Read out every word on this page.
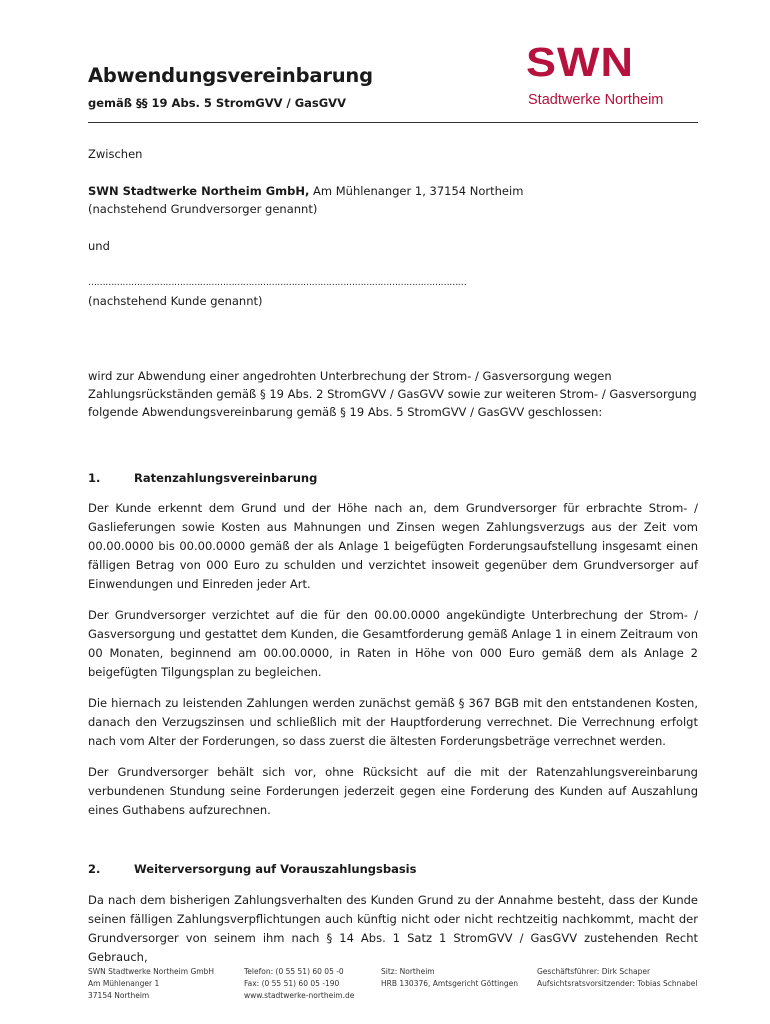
Abwendungsvereinbarung
gemäß §§ 19 Abs. 5 StromGVV / GasGVV
SWN
Stadtwerke Northeim
Zwischen
SWN Stadtwerke Northeim GmbH, Am Mühlenanger 1, 37154 Northeim
(nachstehend Grundversorger genannt)
und
……………………………………………………………………………………………………………………
(nachstehend Kunde genannt)
wird zur Abwendung einer angedrohten Unterbrechung der Strom- / Gasversorgung wegen
Zahlungsrückständen gemäß § 19 Abs. 2 StromGVV / GasGVV sowie zur weiteren Strom- / Gasversorgung
folgende Abwendungsvereinbarung gemäß § 19 Abs. 5 StromGVV / GasGVV geschlossen:
1.	Ratenzahlungsvereinbarung
Der Kunde erkennt dem Grund und der Höhe nach an, dem Grundversorger für erbrachte Strom- / Gaslieferungen sowie Kosten aus Mahnungen und Zinsen wegen Zahlungsverzugs aus der Zeit vom 00.00.0000 bis 00.00.0000 gemäß der als Anlage 1 beigefügten Forderungsaufstellung insgesamt einen fälligen Betrag von 000 Euro zu schulden und verzichtet insoweit gegenüber dem Grundversorger auf Einwendungen und Einreden jeder Art.
Der Grundversorger verzichtet auf die für den 00.00.0000 angekündigte Unterbrechung der Strom- / Gasversorgung und gestattet dem Kunden, die Gesamtforderung gemäß Anlage 1 in einem Zeitraum von 00 Monaten, beginnend am 00.00.0000, in Raten in Höhe von 000 Euro gemäß dem als Anlage 2 beigefügten Tilgungsplan zu begleichen.
Die hiernach zu leistenden Zahlungen werden zunächst gemäß § 367 BGB mit den entstandenen Kosten, danach den Verzugszinsen und schließlich mit der Hauptforderung verrechnet. Die Verrechnung erfolgt nach vom Alter der Forderungen, so dass zuerst die ältesten Forderungsbeträge verrechnet werden.
Der Grundversorger behält sich vor, ohne Rücksicht auf die mit der Ratenzahlungsvereinbarung verbundenen Stundung seine Forderungen jederzeit gegen eine Forderung des Kunden auf Auszahlung eines Guthabens aufzurechnen.
2.	Weiterversorgung auf Vorauszahlungsbasis
Da nach dem bisherigen Zahlungsverhalten des Kunden Grund zu der Annahme besteht, dass der Kunde seinen fälligen Zahlungsverpflichtungen auch künftig nicht oder nicht rechtzeitig nachkommt, macht der Grundversorger von seinem ihm nach § 14 Abs. 1 Satz 1 StromGVV / GasGVV zustehenden Recht Gebrauch,
SWN Stadtwerke Northeim GmbH
Am Mühlenanger 1
37154 Northeim
Telefon: (0 55 51) 60 05 -0
Fax: (0 55 51) 60 05 -190
www.stadtwerke-northeim.de
Sitz: Northeim
HRB 130376, Amtsgericht Göttingen
Geschäftsführer: Dirk Schaper
Aufsichtsratsvorsitzender: Tobias Schnabel
